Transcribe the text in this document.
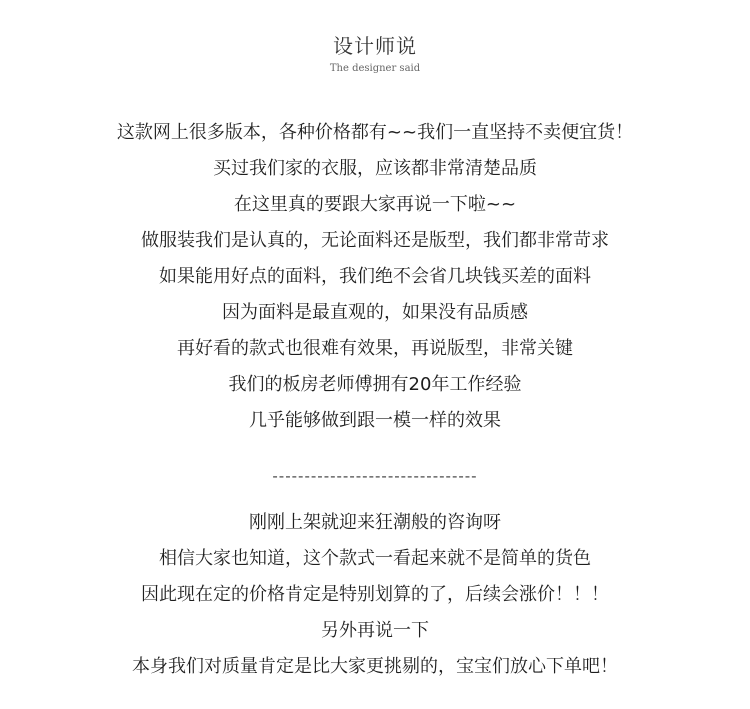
设计师说
The designer said
这款网上很多版本，各种价格都有~~我们一直坚持不卖便宜货！
买过我们家的衣服，应该都非常清楚品质
在这里真的要跟大家再说一下啦~~
做服装我们是认真的，无论面料还是版型，我们都非常苛求
如果能用好点的面料，我们绝不会省几块钱买差的面料
因为面料是最直观的，如果没有品质感
再好看的款式也很难有效果，再说版型，非常关键
我们的板房老师傅拥有20年工作经验
几乎能够做到跟一模一样的效果
--------------------------------
刚刚上架就迎来狂潮般的咨询呀
相信大家也知道，这个款式一看起来就不是简单的货色
因此现在定的价格肯定是特别划算的了，后续会涨价！！！
另外再说一下
本身我们对质量肯定是比大家更挑剔的，宝宝们放心下单吧！
